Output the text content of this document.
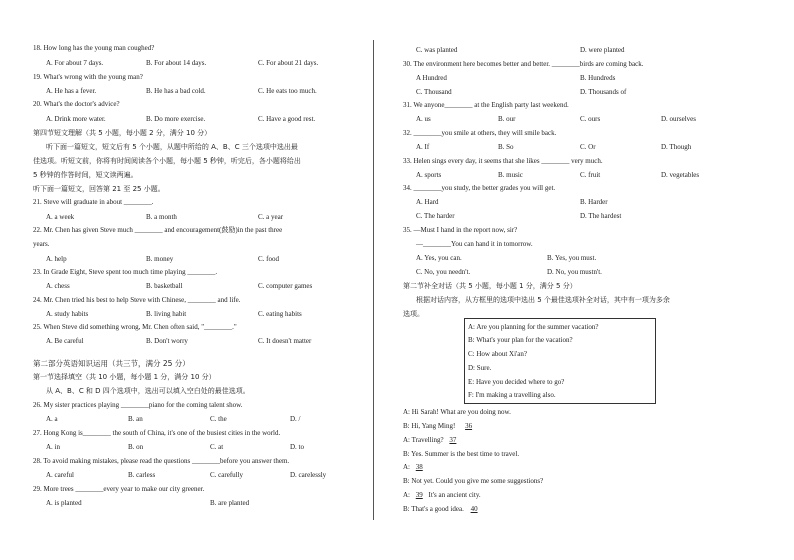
18. How long has the young man coughed?
A. For about 7 days.	B. For about 14 days.	C. For about 21 days.
19. What's wrong with the young man?
A. He has a fever.	B. He has a bad cold.	C. He eats too much.
20. What's the doctor's advice?
A. Drink more water.	B. Do more exercise.	C. Have a good rest.
第四节短文理解（共 5 小题，每小题 2 分，满分 10 分）
听下面一篇短文，短文后有 5 个小题，从题中所给的 A、B、C 三个选项中选出最
佳选项。听短文前，你将有时间阅读各个小题，每小题 5 秒钟，听完后，各小题将给出
5 秒钟的作答时间，短文读两遍。
听下面一篇短文，回答第 21 至 25 小题。
21. Steve will graduate in about ________.
A. a week	B. a month	C. a year
22. Mr. Chen has given Steve much ________ and encouragement(鼓励)in the past three
years.
A. help	B. money	C. food
23. In Grade Eight, Steve spent too much time playing ________.
A. chess	B. basketball	C. computer games
24. Mr. Chen tried his best to help Steve with Chinese, ________ and life.
A. study habits	B. living habit	C. eating habits
25. When Steve did something wrong, Mr. Chen often said, "________."
A. Be careful	B. Don't worry	C. It doesn't matter
第二部分英语知识运用（共三节，满分 25 分）
第一节选择填空（共 10 小题，每小题 1 分，满分 10 分）
从 A、B、C 和 D 四个选项中，选出可以填入空白处的最佳选项。
26. My sister practices playing ________piano for the coming talent show.
A. a	B. an	C. the	D. /
27. Hong Kong is________ the south of China, it's one of the busiest cities in the world.
A. in	B. on	C. at	D. to
28. To avoid making mistakes, please read the questions ________before you answer them.
A. careful	B. carless	C. carefully	D. carelessly
29. More trees ________every year to make our city greener.
A. is planted	B. are planted
C. was planted	D. were planted
30. The environment here becomes better and better. ________birds are coming back.
A Hundred	B. Hundreds
C. Thousand	D. Thousands of
31. We anyone________ at the English party last weekend.
A. us	B. our	C. ours	D. ourselves
32. ________you smile at others, they will smile back.
A. If	B. So	C. Or	D. Though
33. Helen sings every day, it seems that she likes ________ very much.
A. sports	B. music	C. fruit	D. vegetables
34. ________you study, the better grades you will get.
A. Hard	B. Harder
C. The harder	D. The hardest
35. —Must I hand in the report now, sir?
—________You can hand it in tomorrow.
A. Yes, you can.	B. Yes, you must.
C. No, you needn't.	D. No, you mustn't.
第二节补全对话（共 5 小题，每小题 1 分，满分 5 分）
根据对话内容，从方框里的选项中选出 5 个最佳选项补全对话，其中有一项为多余
选项。
A: Are you planning for the summer vacation?
B: What's your plan for the vacation?
C: How about Xi'an?
D: Sure.
E: Have you decided where to go?
F: I'm making a travelling also.
A: Hi Sarah! What are you doing now.
B: Hi, Yang Ming! 36
A: Travelling? 37
B: Yes. Summer is the best time to travel.
A: 38
B: Not yet. Could you give me some suggestions?
A: 39 It's an ancient city.
B: That's a good idea. 40
